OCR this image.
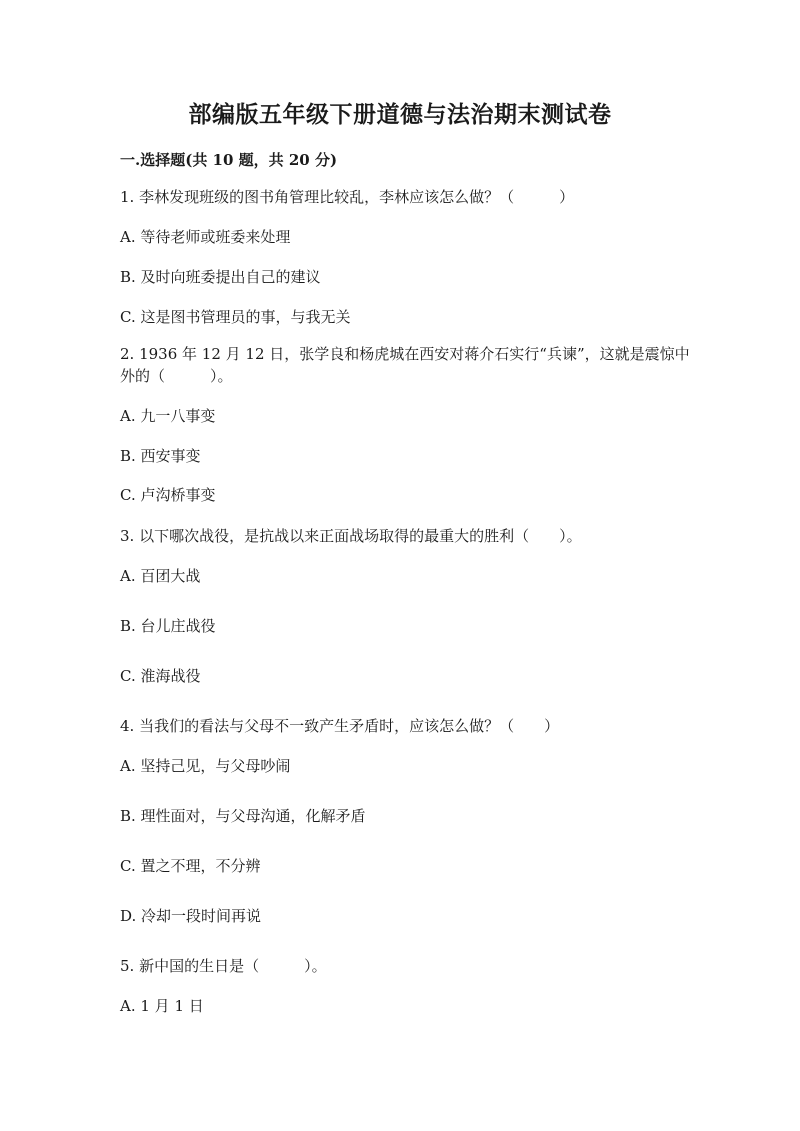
部编版五年级下册道德与法治期末测试卷
一.选择题(共 10 题，共 20 分)
1. 李林发现班级的图书角管理比较乱，李林应该怎么做？（　　　）
A. 等待老师或班委来处理
B. 及时向班委提出自己的建议
C. 这是图书管理员的事，与我无关
2. 1936 年 12 月 12 日，张学良和杨虎城在西安对蒋介石实行“兵谏”，这就是震惊中外的（　　　）。
A. 九一八事变
B. 西安事变
C. 卢沟桥事变
3. 以下哪次战役，是抗战以来正面战场取得的最重大的胜利（　　）。
A. 百团大战
B. 台儿庄战役
C. 淮海战役
4. 当我们的看法与父母不一致产生矛盾时，应该怎么做？（　　）
A. 坚持己见，与父母吵闹
B. 理性面对，与父母沟通，化解矛盾
C. 置之不理，不分辨
D. 冷却一段时间再说
5. 新中国的生日是（　　　）。
A. 1 月 1 日
